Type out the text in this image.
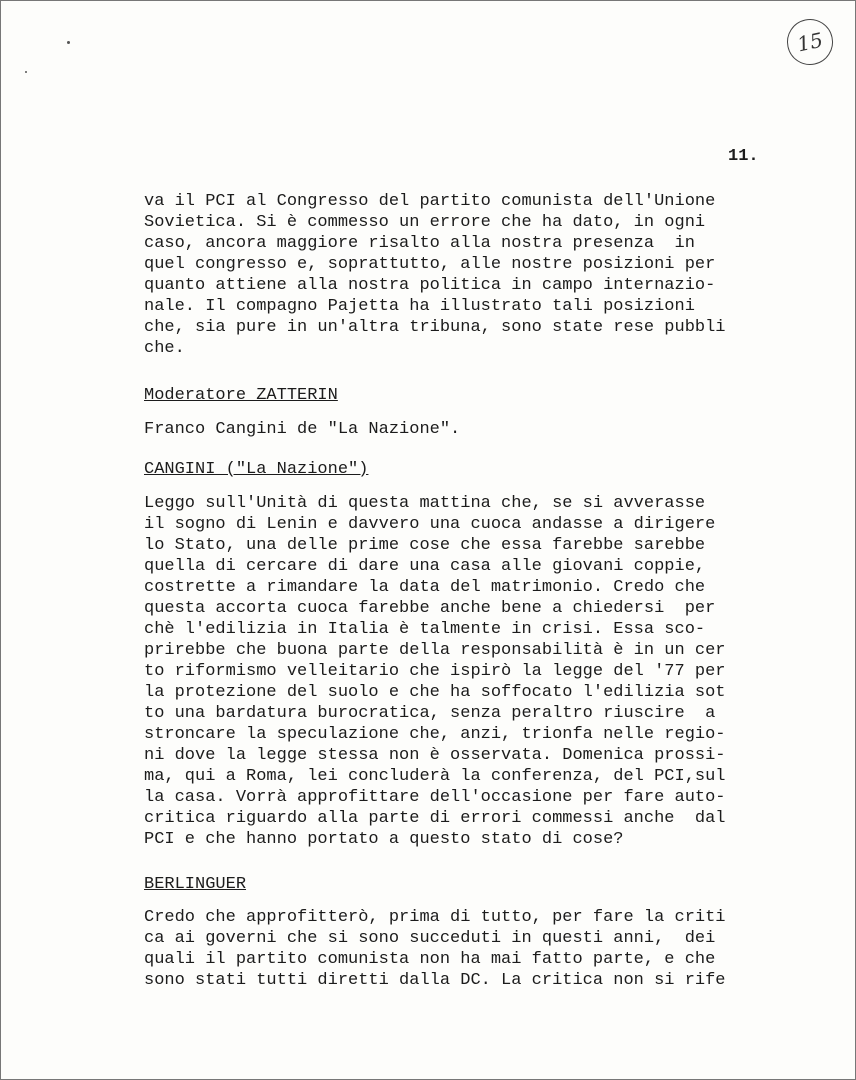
15
11.
va il PCI al Congresso del partito comunista dell'Unione
Sovietica. Si è commesso un errore che ha dato, in ogni
caso, ancora maggiore risalto alla nostra presenza  in
quel congresso e, soprattutto, alle nostre posizioni per
quanto attiene alla nostra politica in campo internazio-
nale. Il compagno Pajetta ha illustrato tali posizioni
che, sia pure in un'altra tribuna, sono state rese pubbli
che.
Moderatore ZATTERIN
Franco Cangini de "La Nazione".
CANGINI ("La Nazione")
Leggo sull'Unità di questa mattina che, se si avverasse
il sogno di Lenin e davvero una cuoca andasse a dirigere
lo Stato, una delle prime cose che essa farebbe sarebbe
quella di cercare di dare una casa alle giovani coppie,
costrette a rimandare la data del matrimonio. Credo che
questa accorta cuoca farebbe anche bene a chiedersi  per
chè l'edilizia in Italia è talmente in crisi. Essa sco-
prirebbe che buona parte della responsabilità è in un cer
to riformismo velleitario che ispirò la legge del '77 per
la protezione del suolo e che ha soffocato l'edilizia sot
to una bardatura burocratica, senza peraltro riuscire  a
stroncare la speculazione che, anzi, trionfa nelle regio-
ni dove la legge stessa non è osservata. Domenica prossi-
ma, qui a Roma, lei concluderà la conferenza, del PCI,sul
la casa. Vorrà approfittare dell'occasione per fare auto-
critica riguardo alla parte di errori commessi anche  dal
PCI e che hanno portato a questo stato di cose?
BERLINGUER
Credo che approfitterò, prima di tutto, per fare la criti
ca ai governi che si sono succeduti in questi anni,  dei
quali il partito comunista non ha mai fatto parte, e che
sono stati tutti diretti dalla DC. La critica non si rife
